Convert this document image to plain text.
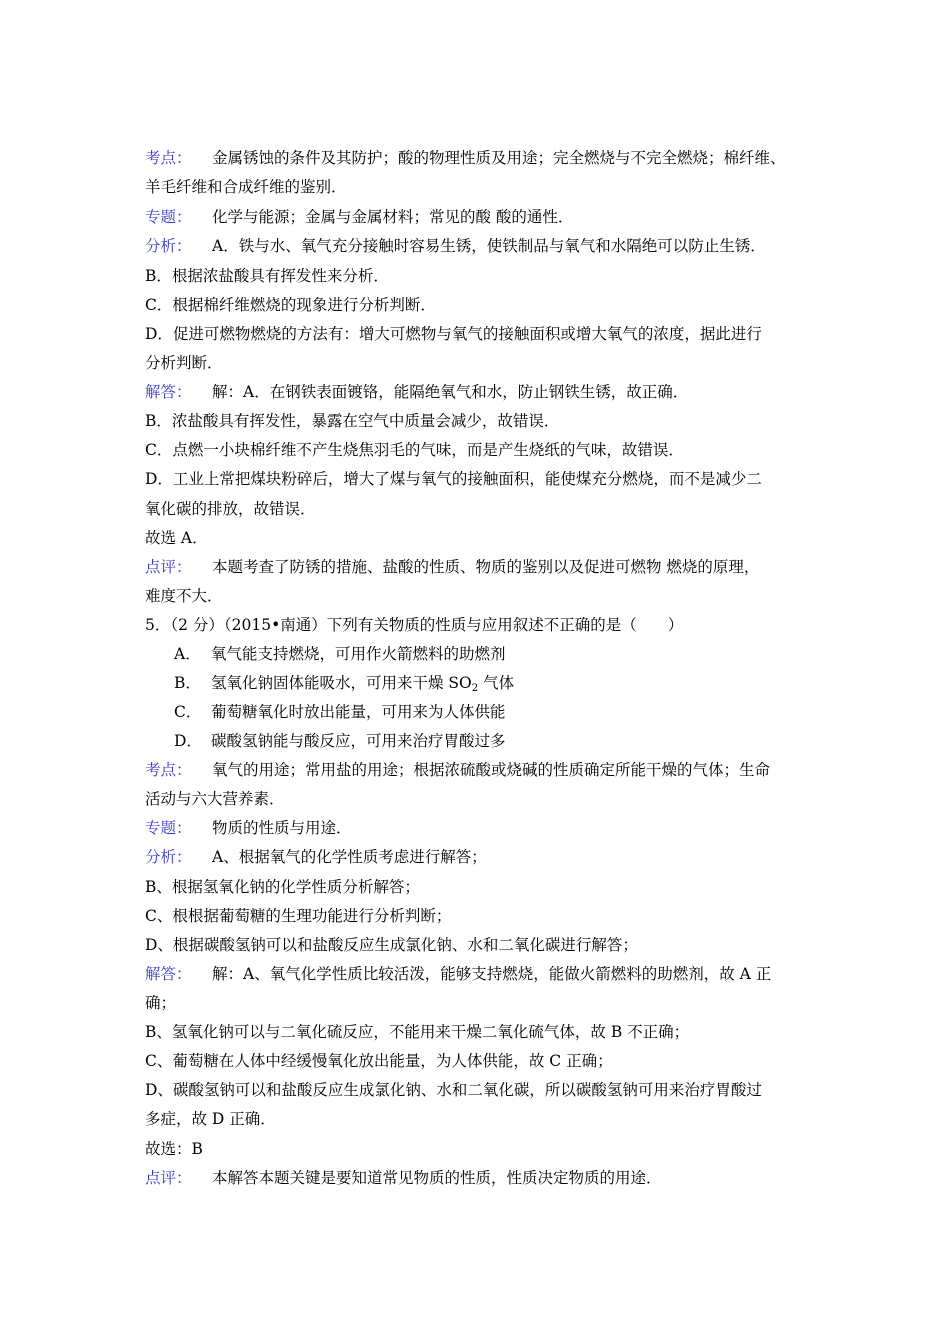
考点： 金属锈蚀的条件及其防护；酸的物理性质及用途；完全燃烧与不完全燃烧；棉纤维、
羊毛纤维和合成纤维的鉴别．
专题： 化学与能源；金属与金属材料；常见的酸 酸的通性．
分析： A．铁与水、氧气充分接触时容易生锈，使铁制品与氧气和水隔绝可以防止生锈．
B．根据浓盐酸具有挥发性来分析．
C．根据棉纤维燃烧的现象进行分析判断．
D．促进可燃物燃烧的方法有：增大可燃物与氧气的接触面积或增大氧气的浓度，据此进行
分析判断．
解答： 解：A．在钢铁表面镀铬，能隔绝氧气和水，防止钢铁生锈，故正确．
B．浓盐酸具有挥发性，暴露在空气中质量会减少，故错误．
C．点燃一小块棉纤维不产生烧焦羽毛的气味，而是产生烧纸的气味，故错误．
D．工业上常把煤块粉碎后，增大了煤与氧气的接触面积，能使煤充分燃烧，而不是减少二
氧化碳的排放，故错误．
故选 A．
点评： 本题考查了防锈的措施、盐酸的性质、物质的鉴别以及促进可燃物 燃烧的原理，
难度不大．
5．（2 分）（2015•南通）下列有关物质的性质与应用叙述不正确的是（　　）
A． 氧气能支持燃烧，可用作火箭燃料的助燃剂
B． 氢氧化钠固体能吸水，可用来干燥 $SO_2$ 气体
C． 葡萄糖氧化时放出能量，可用来为人体供能
D． 碳酸氢钠能与酸反应，可用来治疗胃酸过多
考点： 氧气的用途；常用盐的用途；根据浓硫酸或烧碱的性质确定所能干燥的气体；生命
活动与六大营养素．
专题： 物质的性质与用途．
分析： A、根据氧气的化学性质考虑进行解答；
B、根据氢氧化钠的化学性质分析解答；
C、根根据葡萄糖的生理功能进行分析判断；
D、根据碳酸氢钠可以和盐酸反应生成氯化钠、水和二氧化碳进行解答；
解答： 解：A、氧气化学性质比较活泼，能够支持燃烧，能做火箭燃料的助燃剂，故 A 正
确；
B、氢氧化钠可以与二氧化硫反应，不能用来干燥二氧化硫气体，故 B 不正确；
C、葡萄糖在人体中经缓慢氧化放出能量，为人体供能，故 C 正确；
D、碳酸氢钠可以和盐酸反应生成氯化钠、水和二氧化碳，所以碳酸氢钠可用来治疗胃酸过
多症，故 D 正确．
故选：B
点评： 本解答本题关键是要知道常见物质的性质，性质决定物质的用途．
